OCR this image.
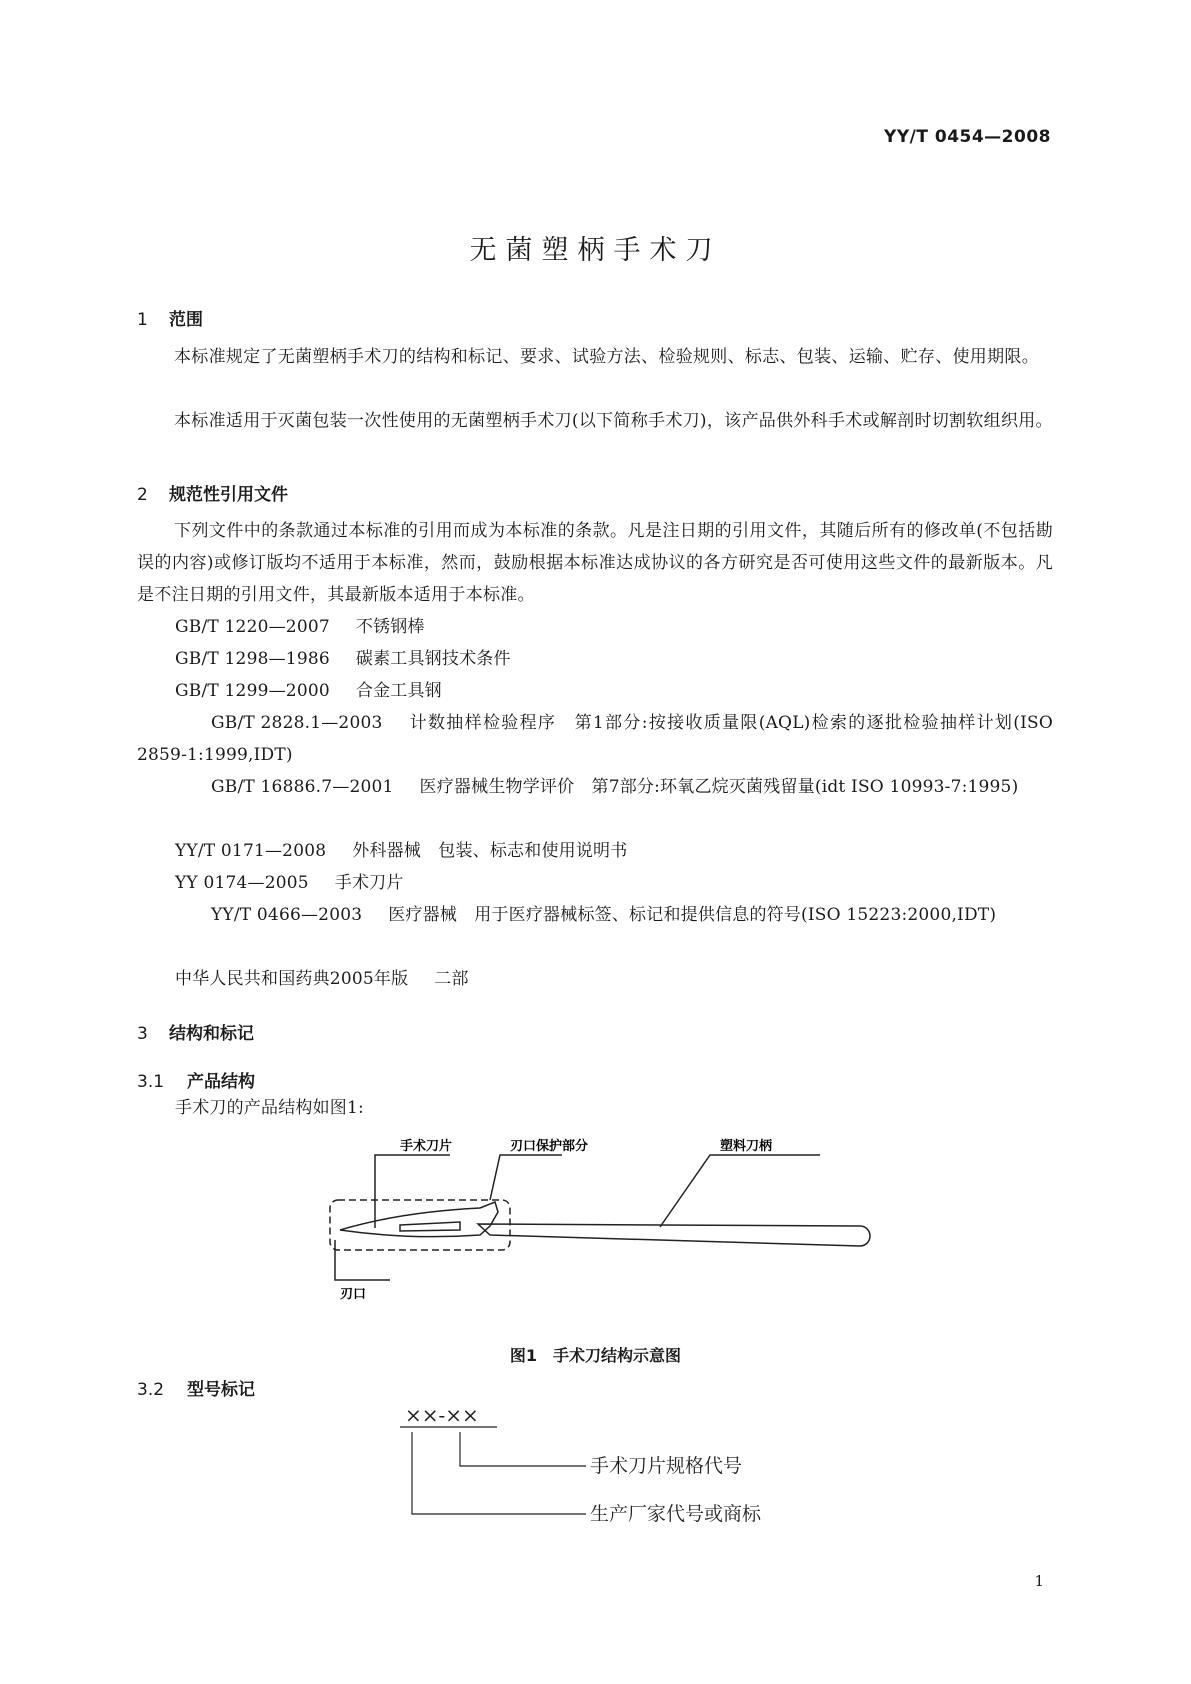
YY/T 0454—2008
无菌塑柄手术刀
1 范围
本标准规定了无菌塑柄手术刀的结构和标记、要求、试验方法、检验规则、标志、包装、运输、贮存、使用期限。
本标准适用于灭菌包装一次性使用的无菌塑柄手术刀(以下简称手术刀)，该产品供外科手术或解剖时切割软组织用。
2 规范性引用文件
下列文件中的条款通过本标准的引用而成为本标准的条款。凡是注日期的引用文件，其随后所有的修改单(不包括勘误的内容)或修订版均不适用于本标准，然而，鼓励根据本标准达成协议的各方研究是否可使用这些文件的最新版本。凡是不注日期的引用文件，其最新版本适用于本标准。
GB/T 1220—2007 不锈钢棒
GB/T 1298—1986 碳素工具钢技术条件
GB/T 1299—2000 合金工具钢
GB/T 2828.1—2003 计数抽样检验程序　第1部分:按接收质量限(AQL)检索的逐批检验抽样计划(ISO 2859-1:1999,IDT)
GB/T 16886.7—2001 医疗器械生物学评价　第7部分:环氧乙烷灭菌残留量(idt ISO 10993-7:1995)
YY/T 0171—2008 外科器械　包装、标志和使用说明书
YY 0174—2005 手术刀片
YY/T 0466—2003 医疗器械　用于医疗器械标签、标记和提供信息的符号(ISO 15223:2000,IDT)
中华人民共和国药典2005年版 二部
3 结构和标记
3.1 产品结构
手术刀的产品结构如图1:
手术刀片	刃口保护部分	塑料刀柄
刃口
图1　手术刀结构示意图
3.2 型号标记
××-××
手术刀片规格代号
生产厂家代号或商标
1
